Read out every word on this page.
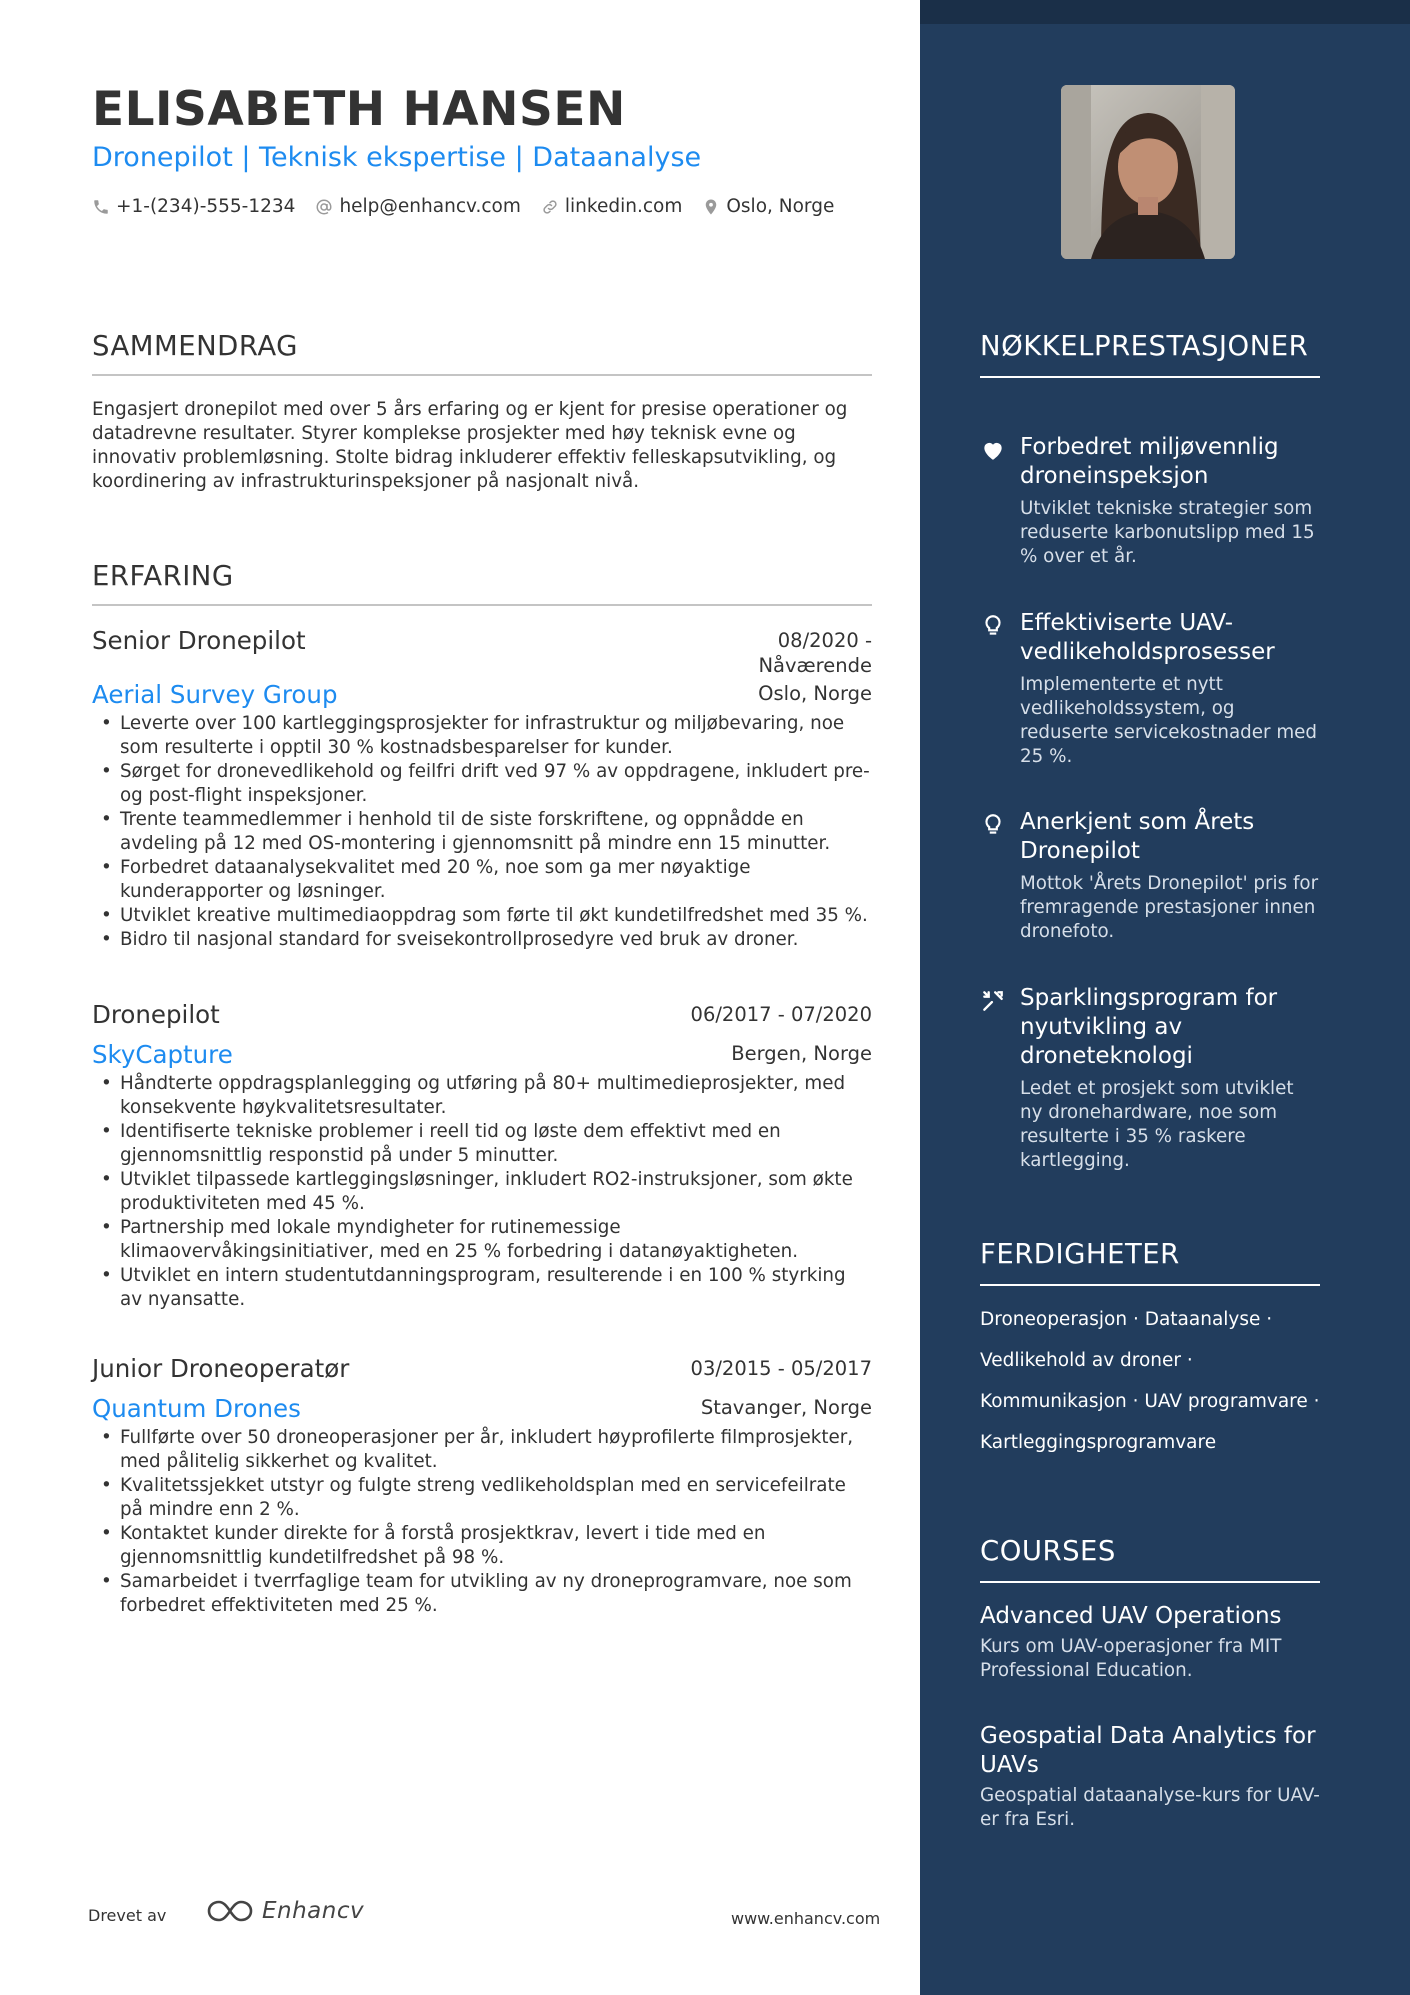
ELISABETH HANSEN
Dronepilot | Teknisk ekspertise | Dataanalyse
+1-(234)-555-1234 help@enhancv.com linkedin.com Oslo, Norge
SAMMENDRAG
Engasjert dronepilot med over 5 års erfaring og er kjent for presise operationer og datadrevne resultater. Styrer komplekse prosjekter med høy teknisk evne og innovativ problemløsning. Stolte bidrag inkluderer effektiv felleskapsutvikling, og koordinering av infrastrukturinspeksjoner på nasjonalt nivå.
ERFARING
Senior Dronepilot	08/2020 - Nåværende
Aerial Survey Group	Oslo, Norge
• Leverte over 100 kartleggingsprosjekter for infrastruktur og miljøbevaring, noe som resulterte i opptil 30 % kostnadsbesparelser for kunder.
• Sørget for dronevedlikehold og feilfri drift ved 97 % av oppdragene, inkludert pre- og post-flight inspeksjoner.
• Trente teammedlemmer i henhold til de siste forskriftene, og oppnådde en avdeling på 12 med OS-montering i gjennomsnitt på mindre enn 15 minutter.
• Forbedret dataanalysekvalitet med 20 %, noe som ga mer nøyaktige kunderapporter og løsninger.
• Utviklet kreative multimediaoppdrag som førte til økt kundetilfredshet med 35 %.
• Bidro til nasjonal standard for sveisekontrollprosedyre ved bruk av droner.
Dronepilot	06/2017 - 07/2020
SkyCapture	Bergen, Norge
• Håndterte oppdragsplanlegging og utføring på 80+ multimedieprosjekter, med konsekvente høykvalitetsresultater.
• Identifiserte tekniske problemer i reell tid og løste dem effektivt med en gjennomsnittlig responstid på under 5 minutter.
• Utviklet tilpassede kartleggingsløsninger, inkludert RO2-instruksjoner, som økte produktiviteten med 45 %.
• Partnership med lokale myndigheter for rutinemessige klimaovervåkingsinitiativer, med en 25 % forbedring i datanøyaktigheten.
• Utviklet en intern studentutdanningsprogram, resulterende i en 100 % styrking av nyansatte.
Junior Droneoperatør	03/2015 - 05/2017
Quantum Drones	Stavanger, Norge
• Fullførte over 50 droneoperasjoner per år, inkludert høyprofilerte filmprosjekter, med pålitelig sikkerhet og kvalitet.
• Kvalitetssjekket utstyr og fulgte streng vedlikeholdsplan med en servicefeilrate på mindre enn 2 %.
• Kontaktet kunder direkte for å forstå prosjektkrav, levert i tide med en gjennomsnittlig kundetilfredshet på 98 %.
• Samarbeidet i tverrfaglige team for utvikling av ny droneprogramvare, noe som forbedret effektiviteten med 25 %.
Drevet av	Enhancv	www.enhancv.com
NØKKELPRESTASJONER
Forbedret miljøvennlig droneinspeksjon
Utviklet tekniske strategier som reduserte karbonutslipp med 15 % over et år.
Effektiviserte UAV-vedlikeholdsprosesser
Implementerte et nytt vedlikeholdssystem, og reduserte servicekostnader med 25 %.
Anerkjent som Årets Dronepilot
Mottok 'Årets Dronepilot' pris for fremragende prestasjoner innen dronefoto.
Sparklingsprogram for nyutvikling av droneteknologi
Ledet et prosjekt som utviklet ny dronehardware, noe som resulterte i 35 % raskere kartlegging.
FERDIGHETER
Droneoperasjon · Dataanalyse ·
Vedlikehold av droner ·
Kommunikasjon · UAV programvare ·
Kartleggingsprogramvare
COURSES
Advanced UAV Operations
Kurs om UAV-operasjoner fra MIT Professional Education.
Geospatial Data Analytics for UAVs
Geospatial dataanalyse-kurs for UAV-er fra Esri.
